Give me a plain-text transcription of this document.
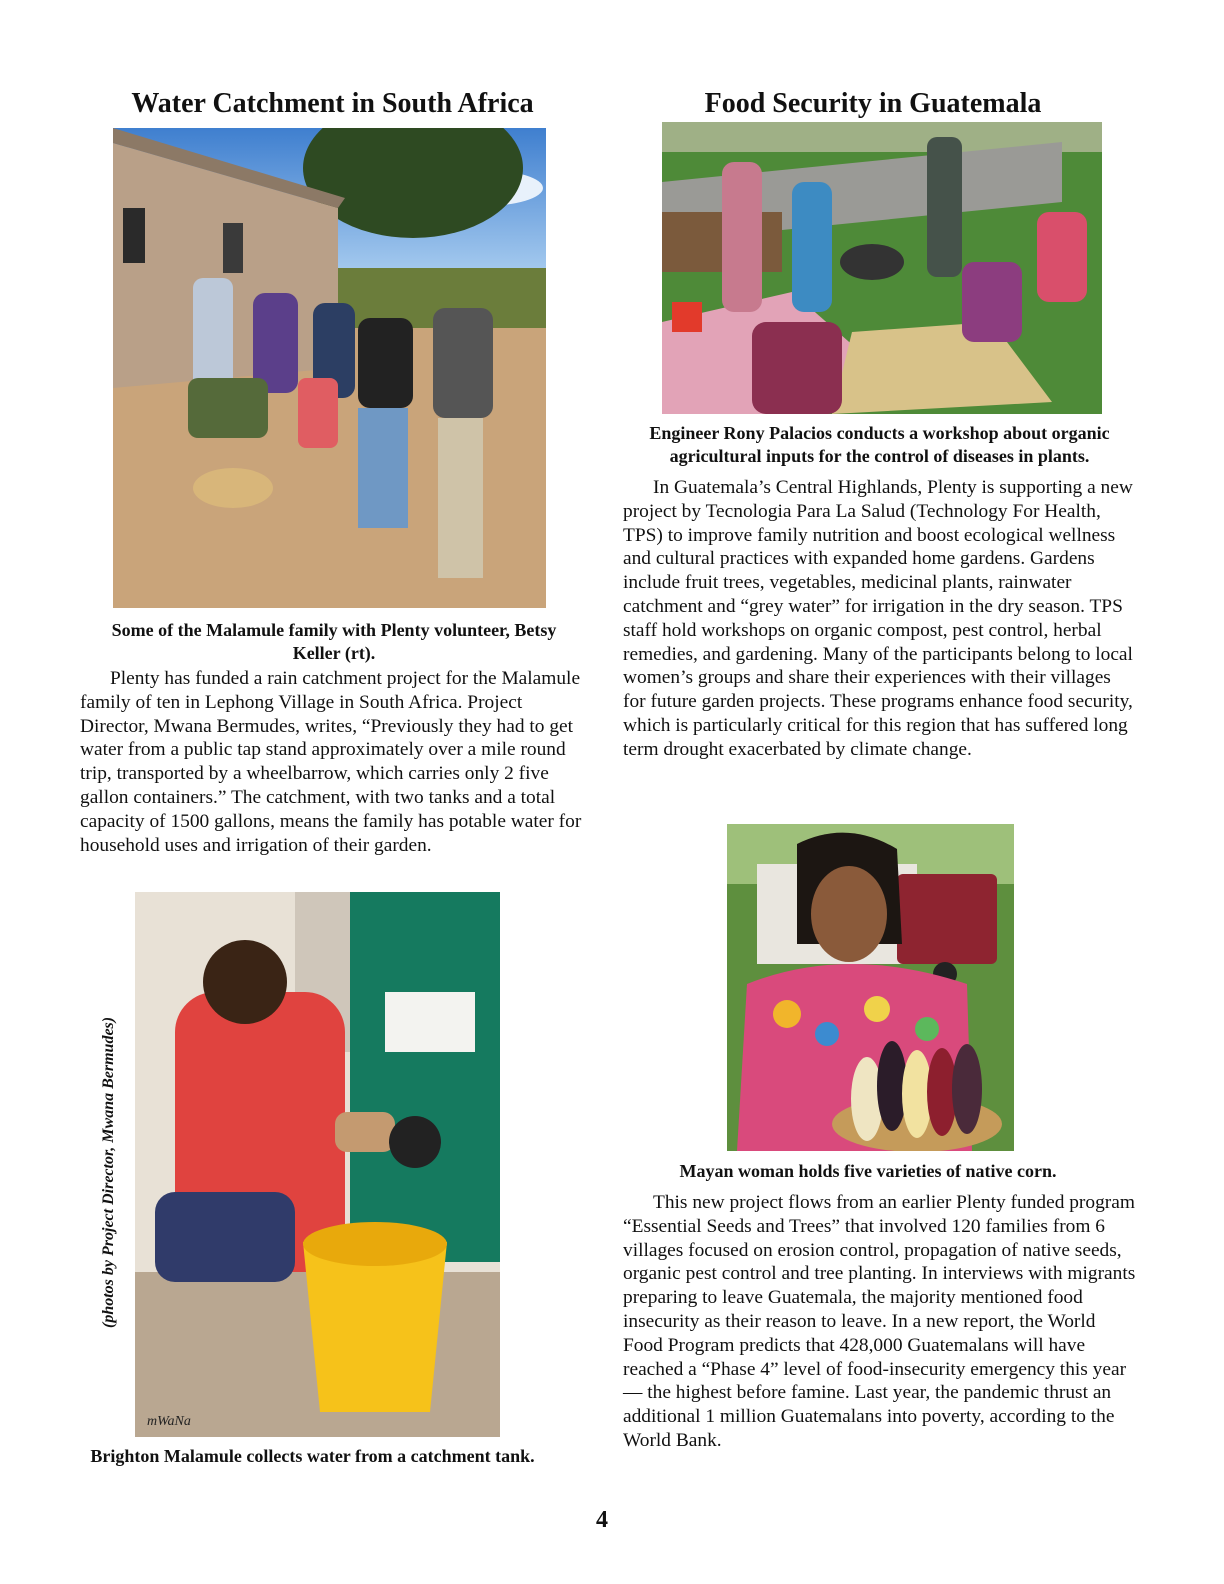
Water Catchment in South Africa
Some of the Malamule family with Plenty volunteer, Betsy Keller (rt).

Plenty has funded a rain catchment project for the Malamule family of ten in Lephong Village in South Africa. Project Director, Mwana Bermudes, writes, “Previously they had to get water from a public tap stand approximately over a mile round trip, transported by a wheelbarrow, which carries only 2 five gallon containers.” The catchment, with two tanks and a total capacity of 1500 gallons, means the family has potable water for household uses and irrigation of their garden.

mWaNa
(photos by Project Director, Mwana Bermudes)
Brighton Malamule collects water from a catchment tank.
Food Security in Guatemala
Engineer Rony Palacios conducts a workshop about organic agricultural inputs for the control of diseases in plants.

In Guatemala’s Central Highlands, Plenty is supporting a new project by Tecnologia Para La Salud (Technology For Health, TPS) to improve family nutrition and boost ecological wellness and cultural practices with expanded home gardens. Gardens include fruit trees, vegetables, medicinal plants, rainwater catchment and “grey water” for irrigation in the dry season. TPS staff hold workshops on organic compost, pest control, herbal remedies, and gardening. Many of the participants belong to local women’s groups and share their experiences with their villages for future garden projects. These programs enhance food security, which is particularly critical for this region that has suffered long term drought exacerbated by climate change.

Mayan woman holds five varieties of native corn.

This new project flows from an earlier Plenty funded program “Essential Seeds and Trees” that involved 120 families from 6 villages focused on erosion control, propagation of native seeds, organic pest control and tree planting. In interviews with migrants preparing to leave Guatemala, the majority mentioned food insecurity as their reason to leave. In a new report, the World Food Program predicts that 428,000 Guatemalans will have reached a “Phase 4” level of food-insecurity emergency this year — the highest before famine. Last year, the pandemic thrust an additional 1 million Guatemalans into poverty, according to the World Bank.

4
